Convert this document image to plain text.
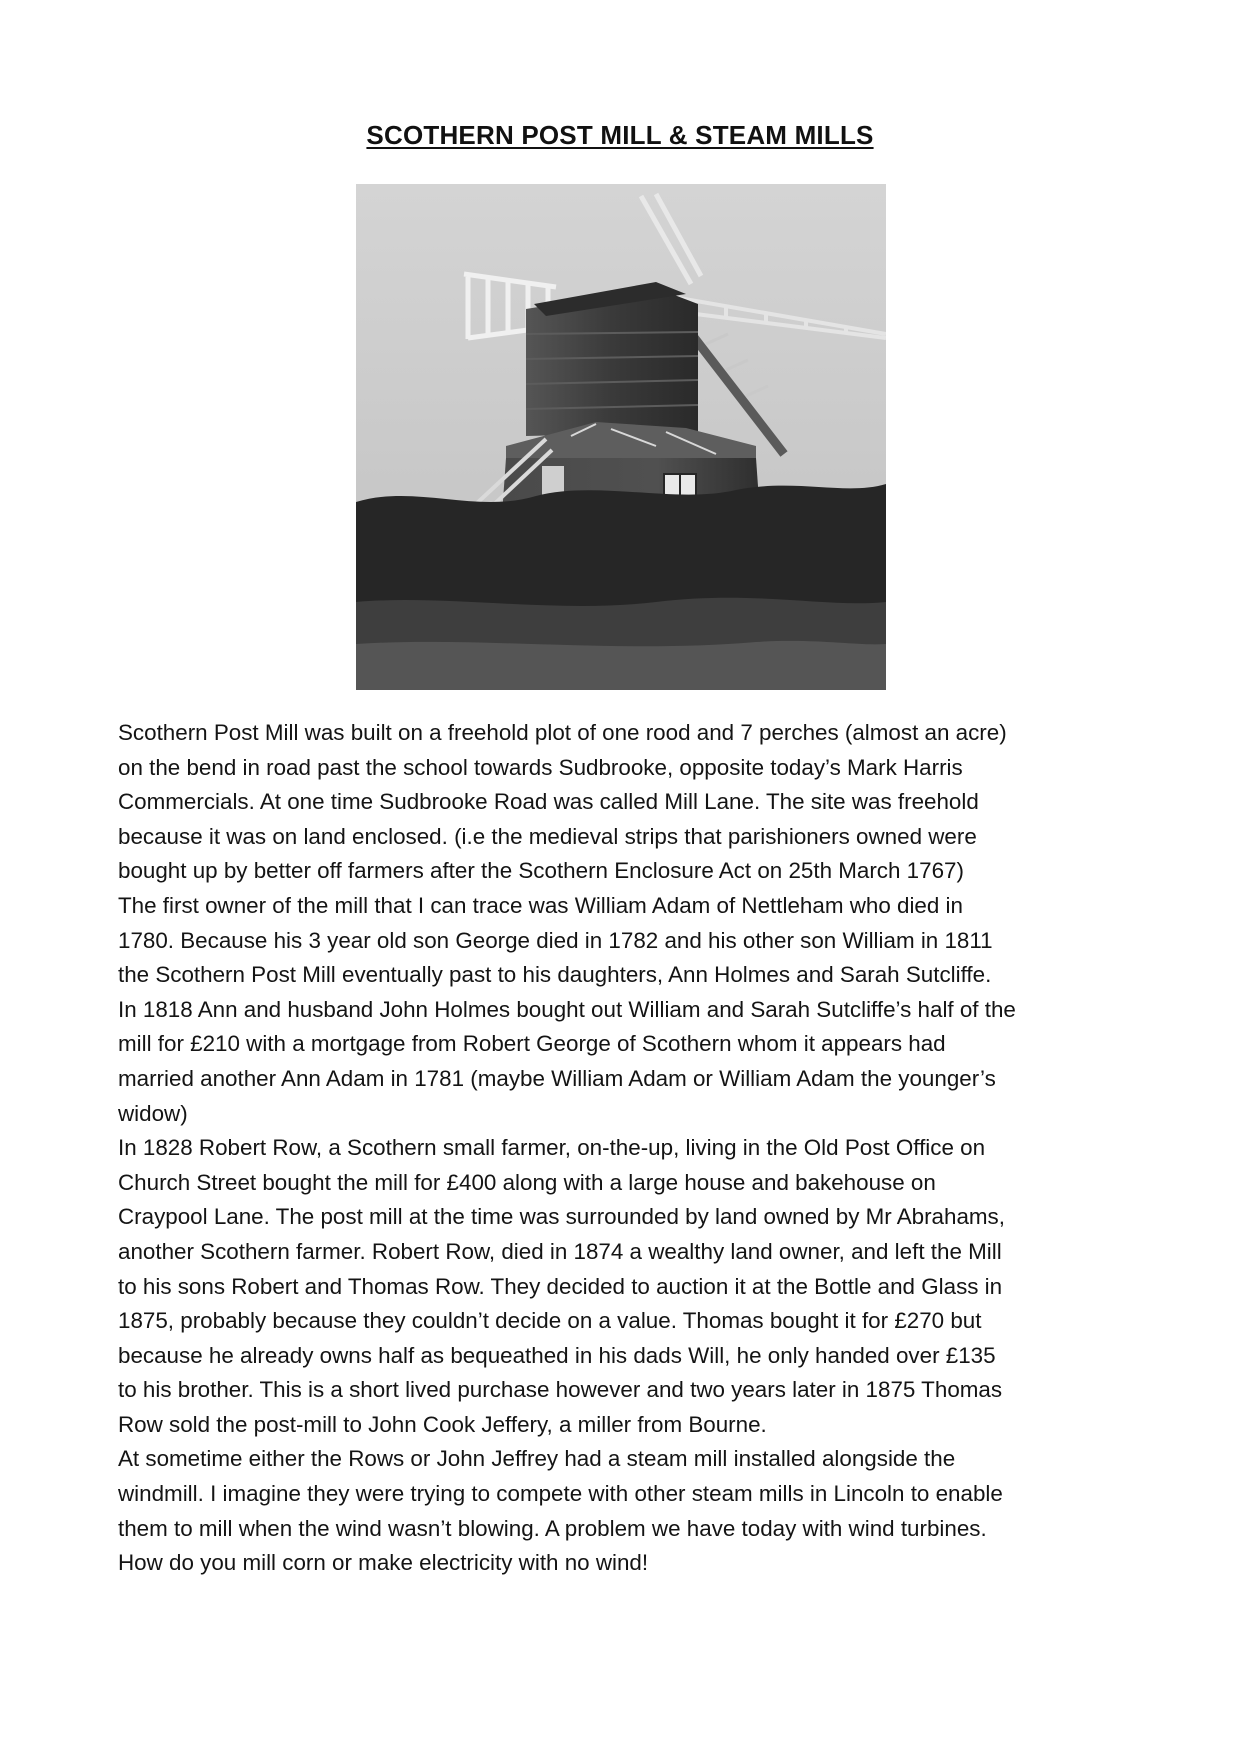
SCOTHERN POST MILL & STEAM MILLS

Scothern Post Mill was built on a freehold plot of one rood and 7 perches (almost an acre)

on the bend in road past the school towards Sudbrooke, opposite today’s Mark Harris

Commercials. At one time Sudbrooke Road was called Mill Lane. The site was freehold

because it was on land enclosed. (i.e the medieval strips that parishioners owned were

bought up by better off farmers after the Scothern Enclosure Act on 25th March 1767)

The first owner of the mill that I can trace was William Adam of Nettleham who died in

1780. Because his 3 year old son George died in 1782 and his other son William in 1811

the Scothern Post Mill eventually past to his daughters, Ann Holmes and Sarah Sutcliffe.

In 1818 Ann and husband John Holmes bought out William and Sarah Sutcliffe’s half of the

mill for £210 with a mortgage from Robert George of Scothern whom it appears had

married another Ann Adam in 1781 (maybe William Adam or William Adam the younger’s

widow)

In 1828 Robert Row, a Scothern small farmer, on-the-up, living in the Old Post Office on

Church Street bought the mill for £400 along with a large house and bakehouse on

Craypool Lane. The post mill at the time was surrounded by land owned by Mr Abrahams,

another Scothern farmer. Robert Row, died in 1874 a wealthy land owner, and left the Mill

to his sons Robert and Thomas Row. They decided to auction it at the Bottle and Glass in

1875, probably because they couldn’t decide on a value. Thomas bought it for £270 but

because he already owns half as bequeathed in his dads Will, he only handed over £135

to his brother. This is a short lived purchase however and two years later in 1875 Thomas

Row sold the post-mill to John Cook Jeffery, a miller from Bourne.

At sometime either the Rows or John Jeffrey had a steam mill installed alongside the

windmill. I imagine they were trying to compete with other steam mills in Lincoln to enable

them to mill when the wind wasn’t blowing. A problem we have today with wind turbines.

How do you mill corn or make electricity with no wind!
